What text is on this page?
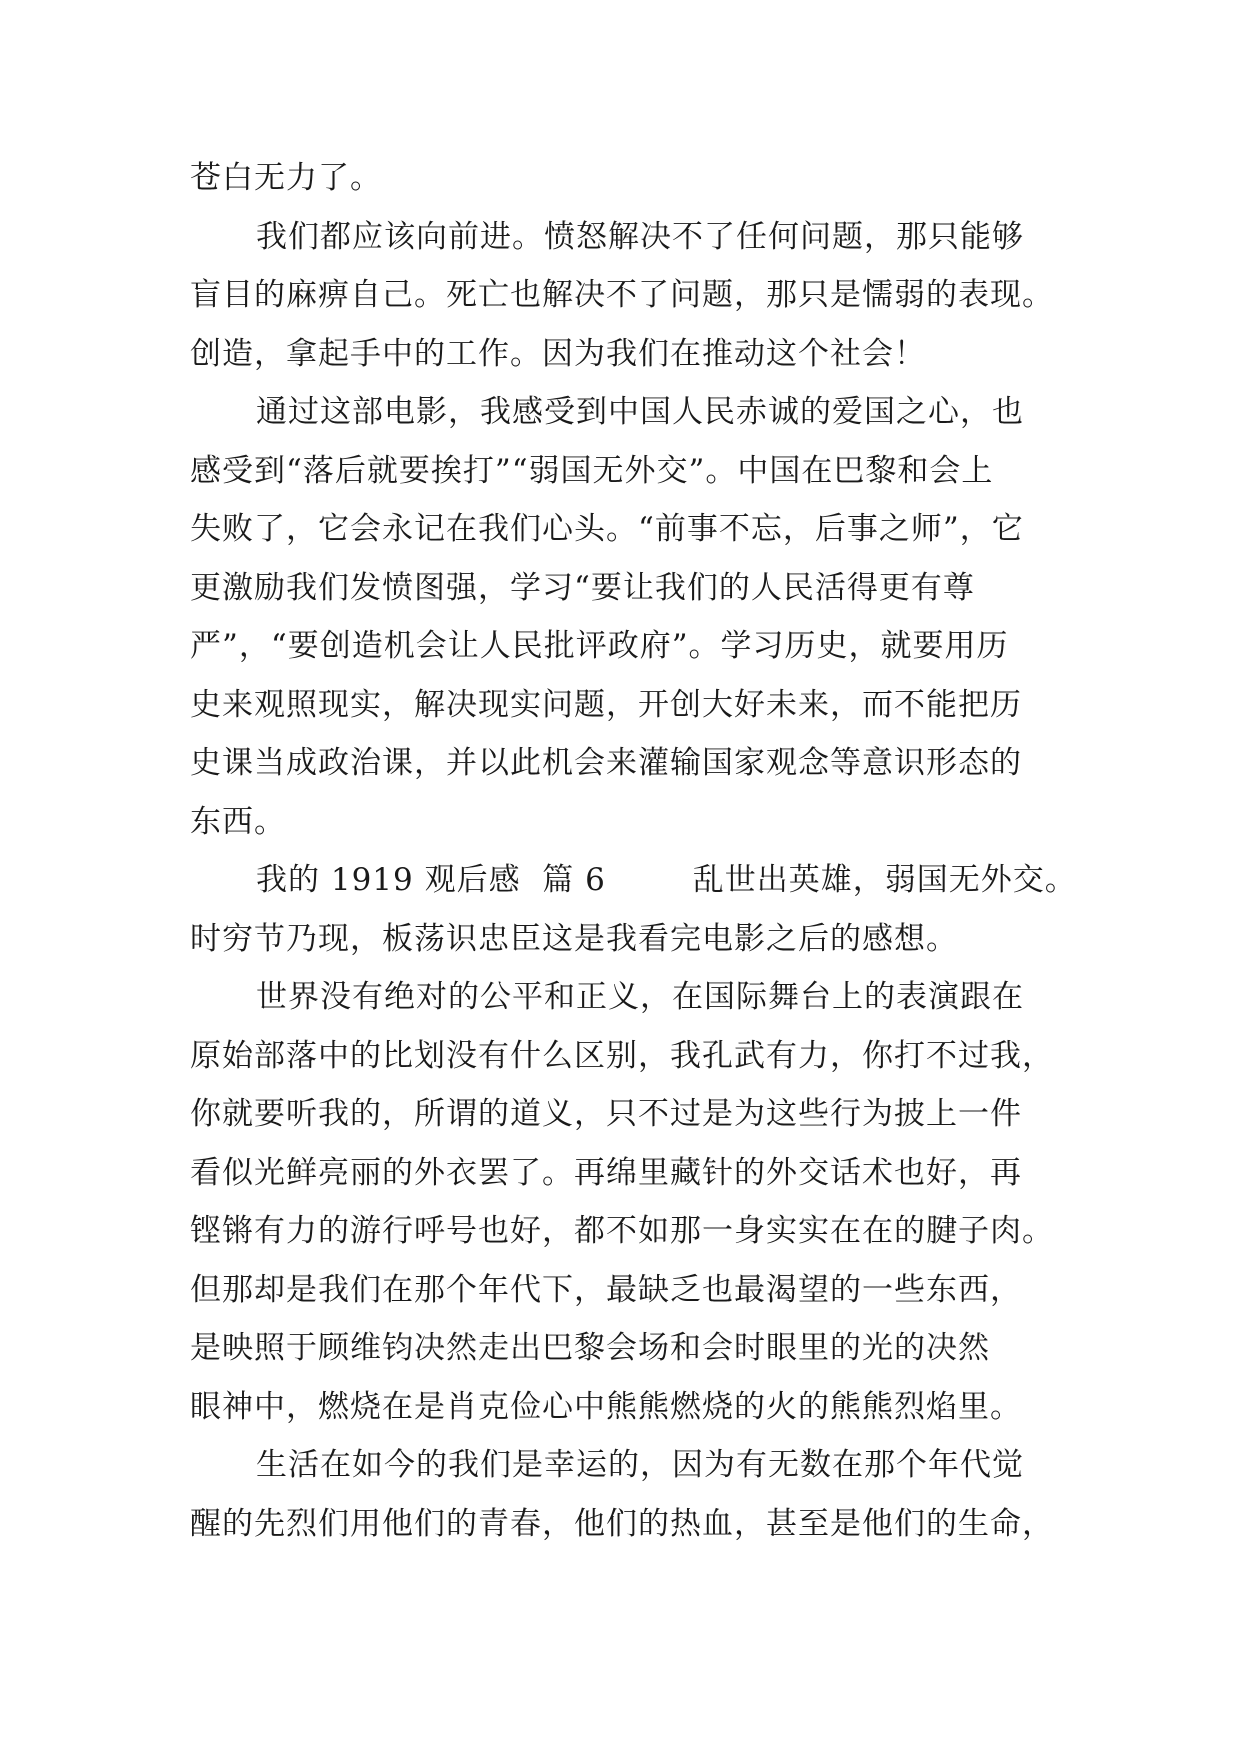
苍白无力了。
我们都应该向前进。愤怒解决不了任何问题，那只能够
盲目的麻痹自己。死亡也解决不了问题，那只是懦弱的表现。
创造，拿起手中的工作。因为我们在推动这个社会！
通过这部电影，我感受到中国人民赤诚的爱国之心，也
感受到“落后就要挨打”“弱国无外交”。中国在巴黎和会上
失败了，它会永记在我们心头。“前事不忘，后事之师”，它
更激励我们发愤图强，学习“要让我们的人民活得更有尊
严”，“要创造机会让人民批评政府”。学习历史，就要用历
史来观照现实，解决现实问题，开创大好未来，而不能把历
史课当成政治课，并以此机会来灌输国家观念等意识形态的
东西。
我的 1919 观后感  篇 6        乱世出英雄，弱国无外交。
时穷节乃现，板荡识忠臣这是我看完电影之后的感想。
世界没有绝对的公平和正义，在国际舞台上的表演跟在
原始部落中的比划没有什么区别，我孔武有力，你打不过我，
你就要听我的，所谓的道义，只不过是为这些行为披上一件
看似光鲜亮丽的外衣罢了。再绵里藏针的外交话术也好，再
铿锵有力的游行呼号也好，都不如那一身实实在在的腱子肉。
但那却是我们在那个年代下，最缺乏也最渴望的一些东西，
是映照于顾维钧决然走出巴黎会场和会时眼里的光的决然
眼神中，燃烧在是肖克俭心中熊熊燃烧的火的熊熊烈焰里。
生活在如今的我们是幸运的，因为有无数在那个年代觉
醒的先烈们用他们的青春，他们的热血，甚至是他们的生命，
